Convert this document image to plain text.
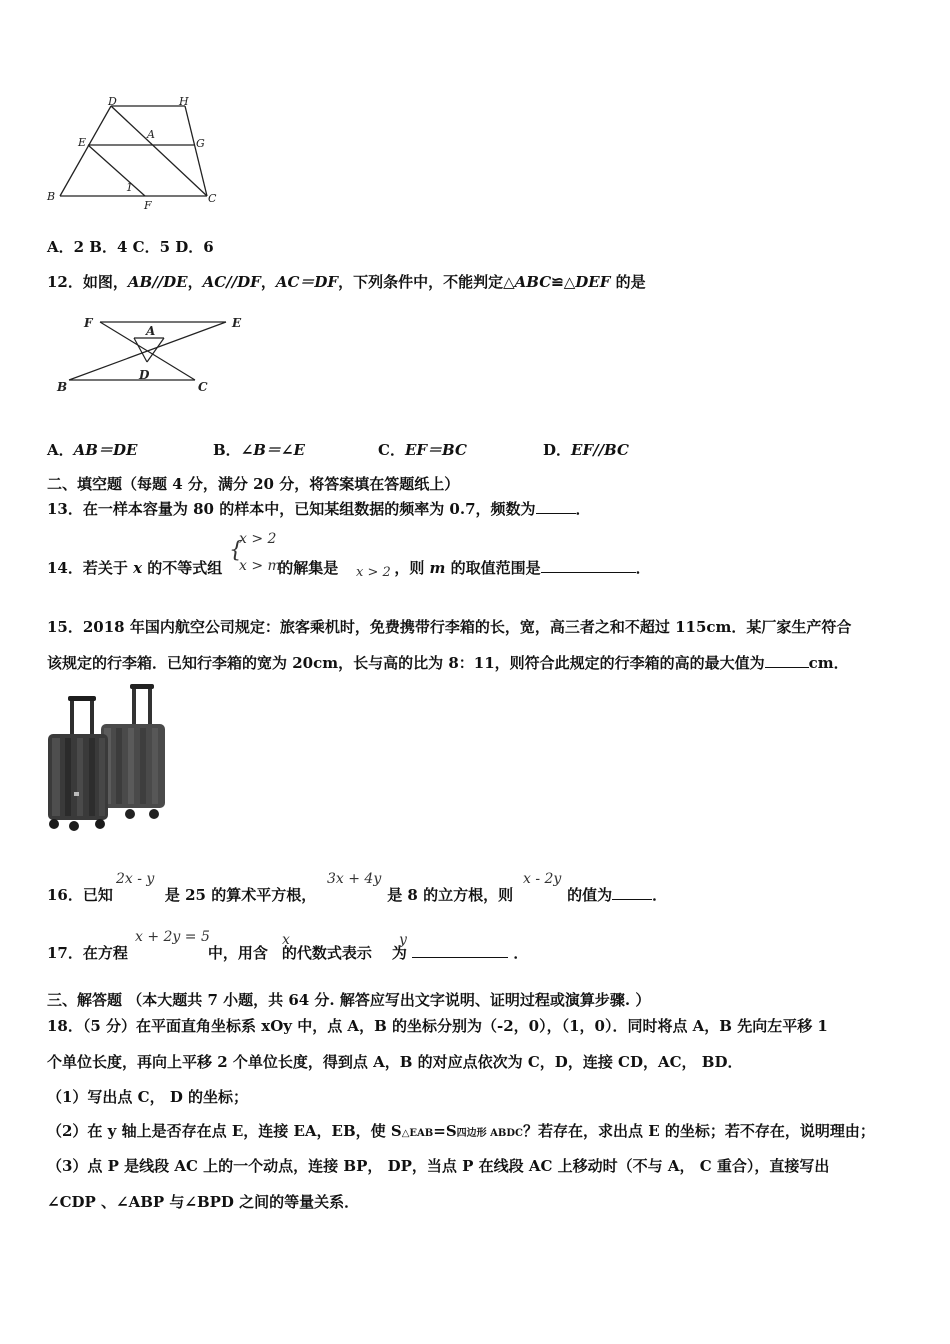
D	H
E
A
G
B
1
F
C
A．2 B．4 C．5 D．6
12．如图，AB//DE，AC//DF，AC＝DF，下列条件中，不能判定△ABC≌△DEF 的是
F
A
E
D
B	C
A．AB＝DE	B．∠B＝∠E	C．EF＝BC	D．EF//BC
二、填空题（每题 4 分，满分 20 分，将答案填在答题纸上）
13．在一样本容量为 80 的样本中，已知某组数据的频率为 0.7，频数为	．
14．若关于 x 的不等式组	的解集是	，则 m 的取值范围是	．
{
x > 2
x > m	x > 2
15．2018 年国内航空公司规定：旅客乘机时，免费携带行李箱的长，宽，高三者之和不超过 115cm．某厂家生产符合
该规定的行李箱．已知行李箱的宽为 20cm，长与高的比为 8：11，则符合此规定的行李箱的高的最大值为	cm．
16．已知	是 25 的算术平方根，	是 8 的立方根，则	的值为	．
2x - y	3x + 4y	x - 2y
17．在方程	中，用含 的代数式表示 为	．
x + 2y = 5	x	y
三、解答题 （本大题共 7 小题，共 64 分. 解答应写出文字说明、证明过程或演算步骤. ）
18．（5 分）在平面直角坐标系 xOy 中，点 A，B 的坐标分别为（-2，0），（1，0）．同时将点 A，B 先向左平移 1
个单位长度，再向上平移 2 个单位长度，得到点 A，B 的对应点依次为 C，D，连接 CD，AC， BD．
（1）写出点 C， D 的坐标；
（2）在 y 轴上是否存在点 E，连接 EA，EB，使 S△EAB=S四边形 ABDC？若存在，求出点 E 的坐标；若不存在，说明理由；
（3）点 P 是线段 AC 上的一个动点，连接 BP， DP，当点 P 在线段 AC 上移动时（不与 A， C 重合），直接写出
∠CDP 、∠ABP 与∠BPD 之间的等量关系．
